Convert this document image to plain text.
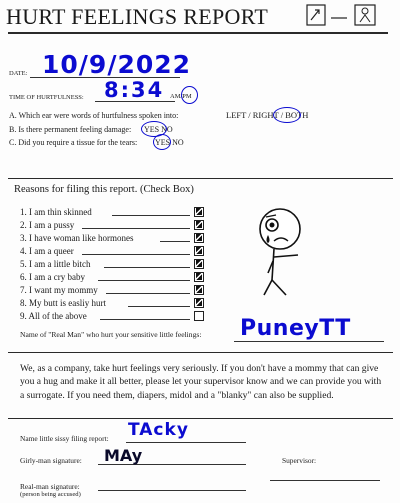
HURT FEELINGS REPORT
DATE: 10/9/2022
TIME OF HURTFULNESS: 8:34 AM/PM
A. Which ear were words of hurtfulness spoken into:	LEFT / RIGHT / BOTH
B. Is there permanent feeling damage: YES NO
C. Did you require a tissue for the tears: YES NO
Reasons for filing this report. (Check Box)
1. I am thin skinned
2. I am a pussy
3. I have woman like hormones
4. I am a queer
5. I am a little bitch
6. I am a cry baby
7. I want my mommy
8. My butt is easliy hurt
9. All of the above
Name of "Real Man" who hurt your sensitive little feelings: PuneyTT
We, as a company, take hurt feelings very seriously. If you don't have a mommy that can give you a hug and make it all better, please let your supervisor know and we can provide you with a surrogate. If you need them, diapers, midol and a "blanky" can also be supplied.
Name little sissy filing report: TAcky
Girly-man signature: MAy	Supervisor:
Real-man signature:
(person being accused)
